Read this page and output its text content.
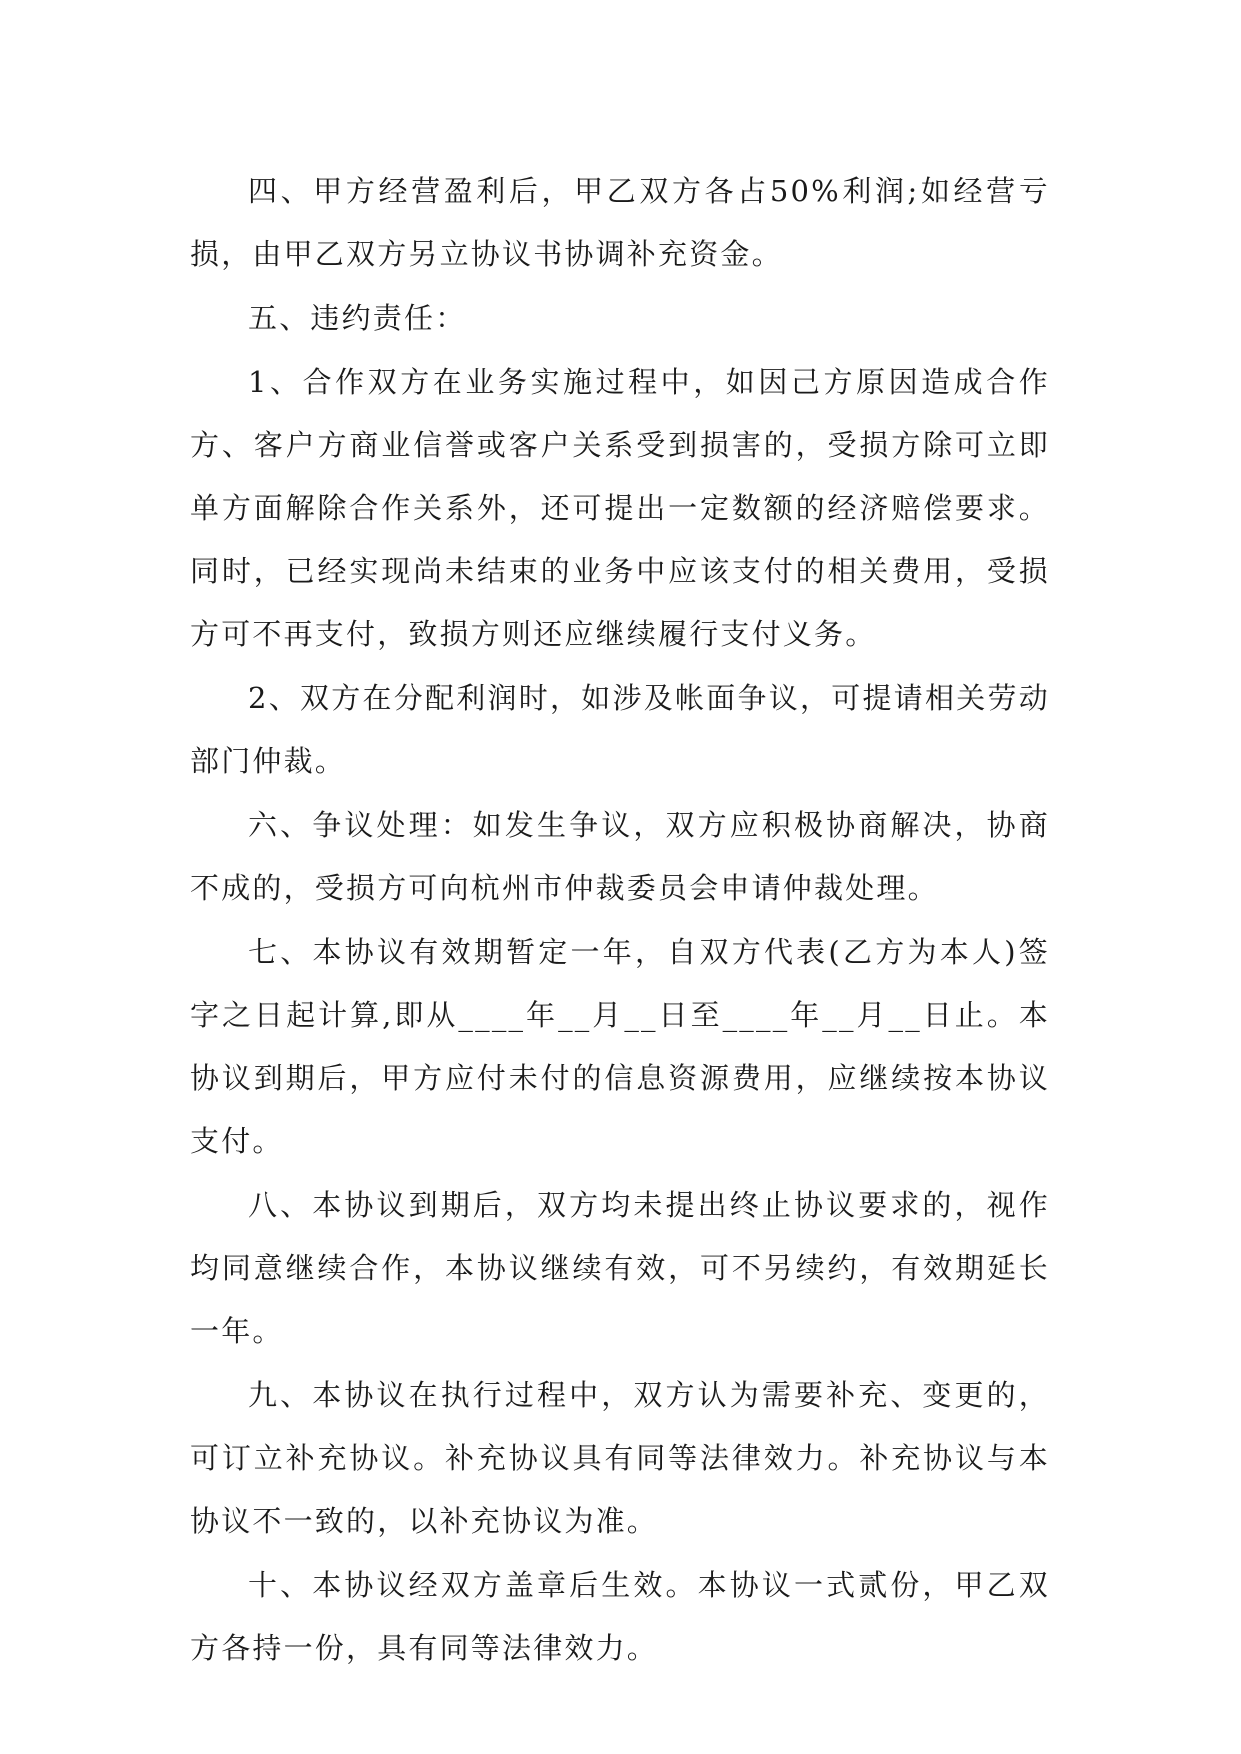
四、甲方经营盈利后，甲乙双方各占50%利润;如经营亏损，由甲乙双方另立协议书协调补充资金。

五、违约责任：

1、合作双方在业务实施过程中，如因己方原因造成合作方、客户方商业信誉或客户关系受到损害的，受损方除可立即单方面解除合作关系外，还可提出一定数额的经济赔偿要求。同时，已经实现尚未结束的业务中应该支付的相关费用，受损方可不再支付，致损方则还应继续履行支付义务。

2、双方在分配利润时，如涉及帐面争议，可提请相关劳动部门仲裁。

六、争议处理：如发生争议，双方应积极协商解决，协商不成的，受损方可向杭州市仲裁委员会申请仲裁处理。

七、本协议有效期暂定一年，自双方代表(乙方为本人)签字之日起计算,即从____年__月__日至____年__月__日止。本协议到期后，甲方应付未付的信息资源费用，应继续按本协议支付。

八、本协议到期后，双方均未提出终止协议要求的，视作均同意继续合作，本协议继续有效，可不另续约，有效期延长一年。

九、本协议在执行过程中，双方认为需要补充、变更的，可订立补充协议。补充协议具有同等法律效力。补充协议与本协议不一致的，以补充协议为准。

十、本协议经双方盖章后生效。本协议一式贰份，甲乙双方各持一份，具有同等法律效力。
